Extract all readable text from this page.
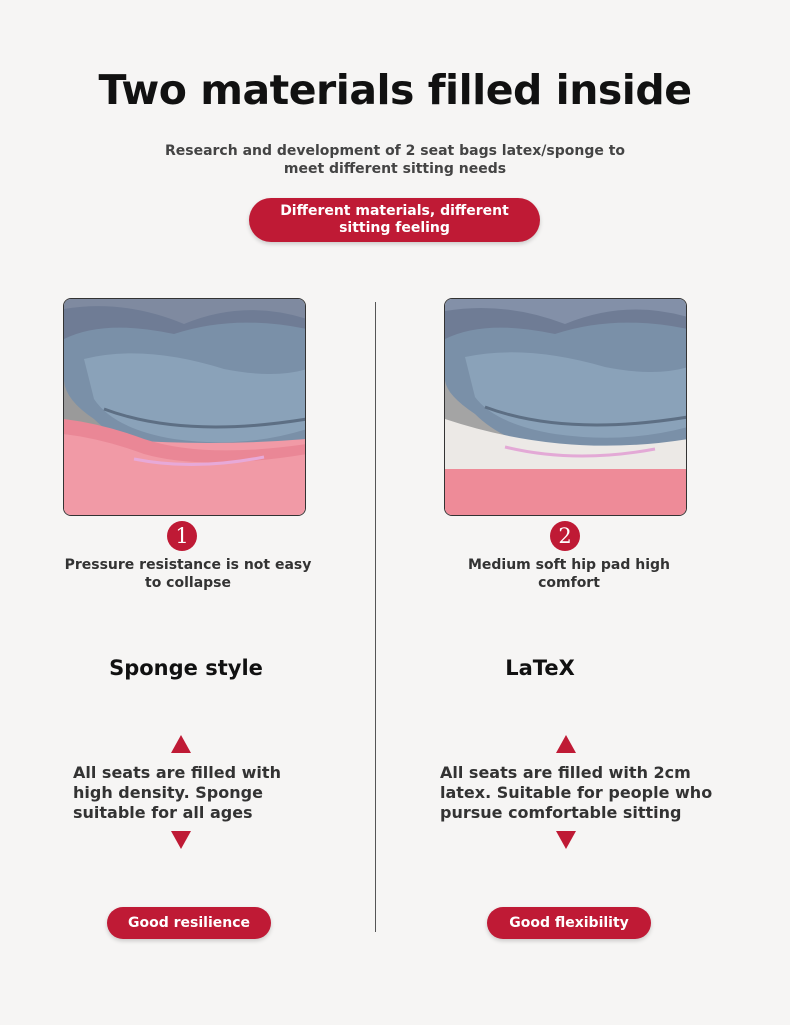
Two materials filled inside
Research and development of 2 seat bags latex/sponge to meet different sitting needs
Different materials, different sitting feeling
1
Pressure resistance is not easy to collapse
Sponge style
All seats are filled with high density. Sponge suitable for all ages
Good resilience
2
Medium soft hip pad high comfort
LaTeX
All seats are filled with 2cm latex. Suitable for people who pursue comfortable sitting
Good flexibility
